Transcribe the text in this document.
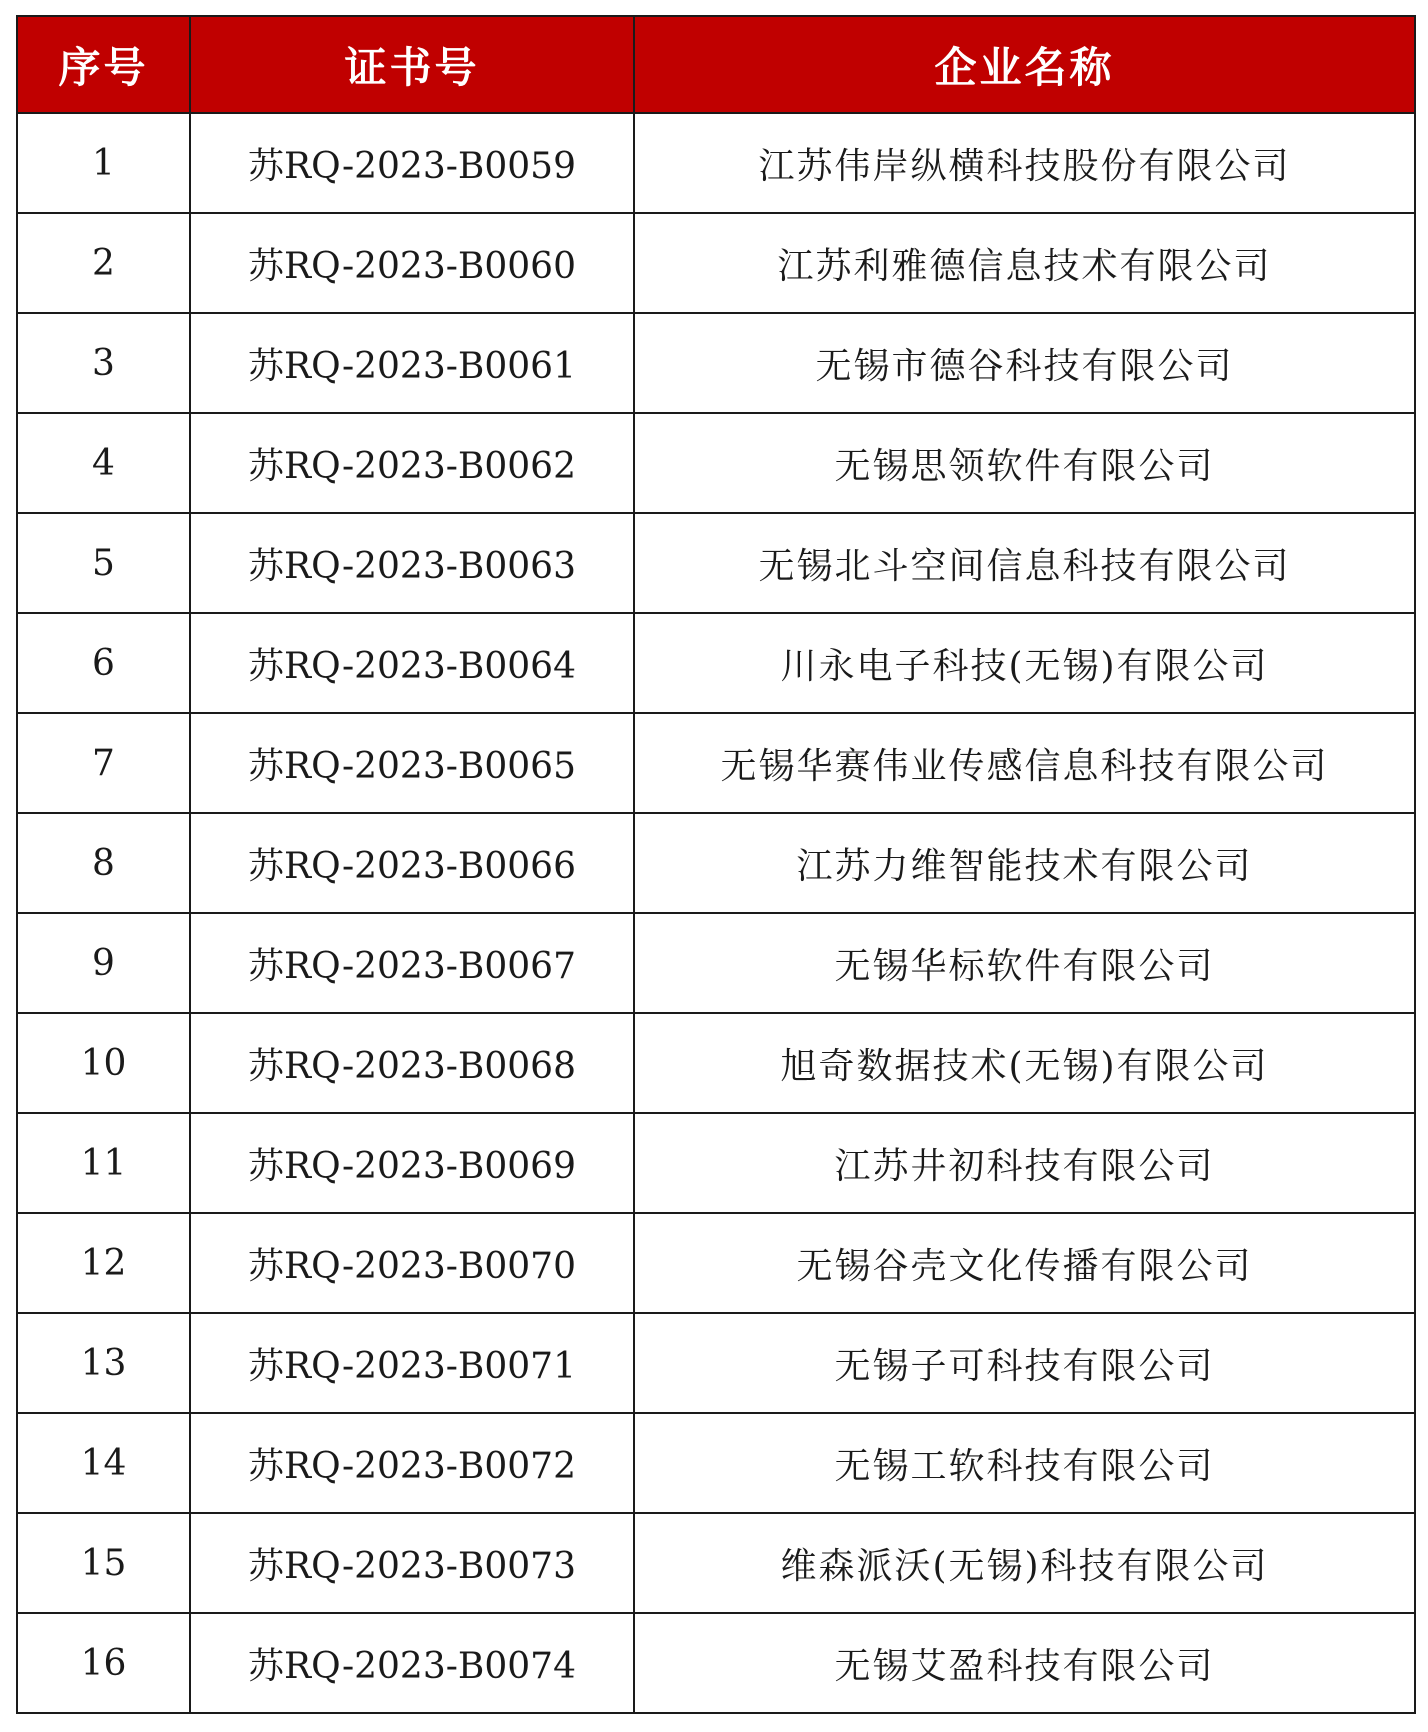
序号	证书号	企业名称
1	苏RQ-2023-B0059	江苏伟岸纵横科技股份有限公司
2	苏RQ-2023-B0060	江苏利雅德信息技术有限公司
3	苏RQ-2023-B0061	无锡市德谷科技有限公司
4	苏RQ-2023-B0062	无锡思领软件有限公司
5	苏RQ-2023-B0063	无锡北斗空间信息科技有限公司
6	苏RQ-2023-B0064	川永电子科技(无锡)有限公司
7	苏RQ-2023-B0065	无锡华赛伟业传感信息科技有限公司
8	苏RQ-2023-B0066	江苏力维智能技术有限公司
9	苏RQ-2023-B0067	无锡华标软件有限公司
10	苏RQ-2023-B0068	旭奇数据技术(无锡)有限公司
11	苏RQ-2023-B0069	江苏井初科技有限公司
12	苏RQ-2023-B0070	无锡谷壳文化传播有限公司
13	苏RQ-2023-B0071	无锡子可科技有限公司
14	苏RQ-2023-B0072	无锡工软科技有限公司
15	苏RQ-2023-B0073	维森派沃(无锡)科技有限公司
16	苏RQ-2023-B0074	无锡艾盈科技有限公司
